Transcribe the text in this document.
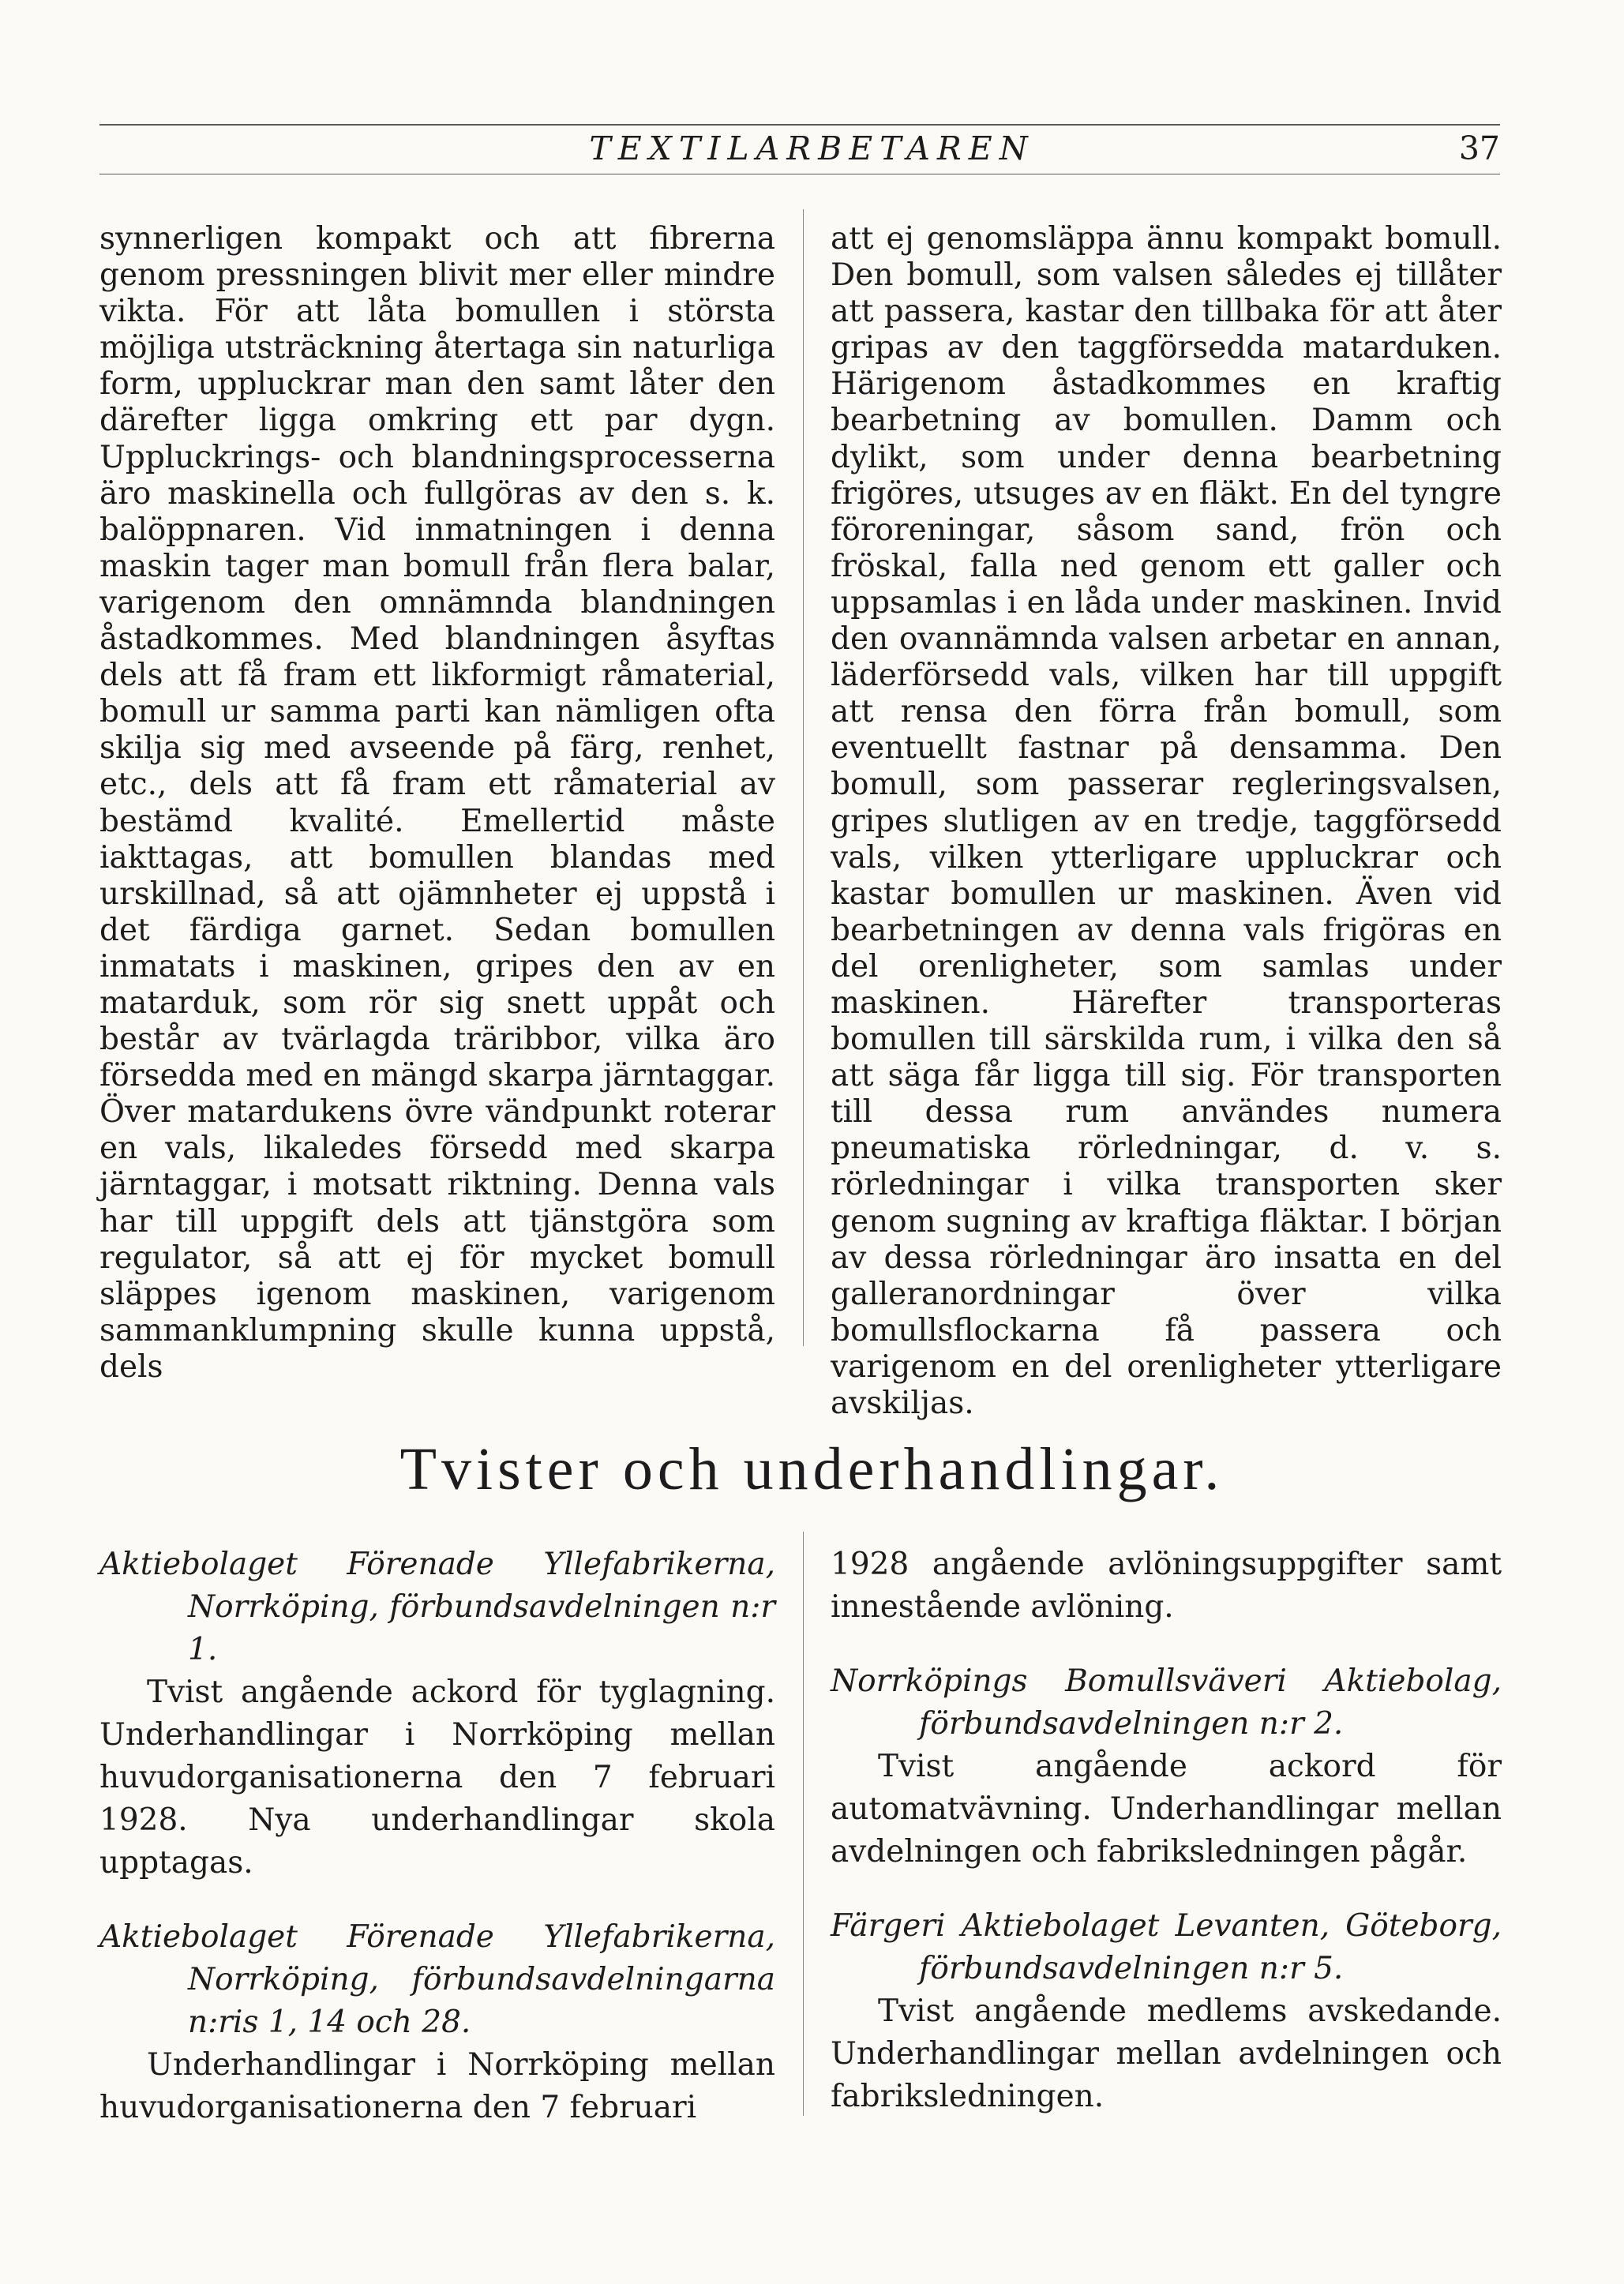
TEXTILARBETAREN	37

synnerligen kompakt och att fibrerna genom pressningen blivit mer eller mindre vikta. För att låta bomullen i största möjliga utsträckning återtaga sin naturliga form, uppluckrar man den samt låter den därefter ligga omkring ett par dygn. Uppluckrings- och blandningsprocesserna äro maskinella och fullgöras av den s. k. balöppnaren. Vid inmatningen i denna maskin tager man bomull från flera balar, varigenom den omnämnda blandningen åstadkommes. Med blandningen åsyftas dels att få fram ett likformigt råmaterial, bomull ur samma parti kan nämligen ofta skilja sig med avseende på färg, renhet, etc., dels att få fram ett råmaterial av bestämd kvalité. Emellertid måste iakttagas, att bomullen blandas med urskillnad, så att ojämnheter ej uppstå i det färdiga garnet. Sedan bomullen inmatats i maskinen, gripes den av en matarduk, som rör sig snett uppåt och består av tvärlagda träribbor, vilka äro försedda med en mängd skarpa järntaggar. Över matardukens övre vändpunkt roterar en vals, likaledes försedd med skarpa järntaggar, i motsatt riktning. Denna vals har till uppgift dels att tjänstgöra som regulator, så att ej för mycket bomull släppes igenom maskinen, varigenom sammanklumpning skulle kunna uppstå, dels

att ej genomsläppa ännu kompakt bomull. Den bomull, som valsen således ej tillåter att passera, kastar den tillbaka för att åter gripas av den taggförsedda matarduken. Härigenom åstadkommes en kraftig bearbetning av bomullen. Damm och dylikt, som under denna bearbetning frigöres, utsuges av en fläkt. En del tyngre föroreningar, såsom sand, frön och fröskal, falla ned genom ett galler och uppsamlas i en låda under maskinen. Invid den ovannämnda valsen arbetar en annan, läderförsedd vals, vilken har till uppgift att rensa den förra från bomull, som eventuellt fastnar på densamma. Den bomull, som passerar regleringsvalsen, gripes slutligen av en tredje, taggförsedd vals, vilken ytterligare uppluckrar och kastar bomullen ur maskinen. Även vid bearbetningen av denna vals frigöras en del orenligheter, som samlas under maskinen. Härefter transporteras bomullen till särskilda rum, i vilka den så att säga får ligga till sig. För transporten till dessa rum användes numera pneumatiska rörledningar, d. v. s. rörledningar i vilka transporten sker genom sugning av kraftiga fläktar. I början av dessa rörledningar äro insatta en del galleranordningar över vilka bomullsflockarna få passera och varigenom en del orenligheter ytterligare avskiljas.

Tvister och underhandlingar.

Aktiebolaget Förenade Yllefabrikerna, Norrköping, förbundsavdelningen n:r 1.

Tvist angående ackord för tyglagning. Underhandlingar i Norrköping mellan huvudorganisationerna den 7 februari 1928. Nya underhandlingar skola upptagas.

Aktiebolaget Förenade Yllefabrikerna, Norrköping, förbundsavdelningarna n:ris 1, 14 och 28.

Underhandlingar i Norrköping mellan huvudorganisationerna den 7 februari

1928 angående avlöningsuppgifter samt innestående avlöning.

Norrköpings Bomullsväveri Aktiebolag, förbundsavdelningen n:r 2.

Tvist angående ackord för automatvävning. Underhandlingar mellan avdelningen och fabriksledningen pågår.

Färgeri Aktiebolaget Levanten, Göteborg, förbundsavdelningen n:r 5.

Tvist angående medlems avskedande. Underhandlingar mellan avdelningen och fabriksledningen.
